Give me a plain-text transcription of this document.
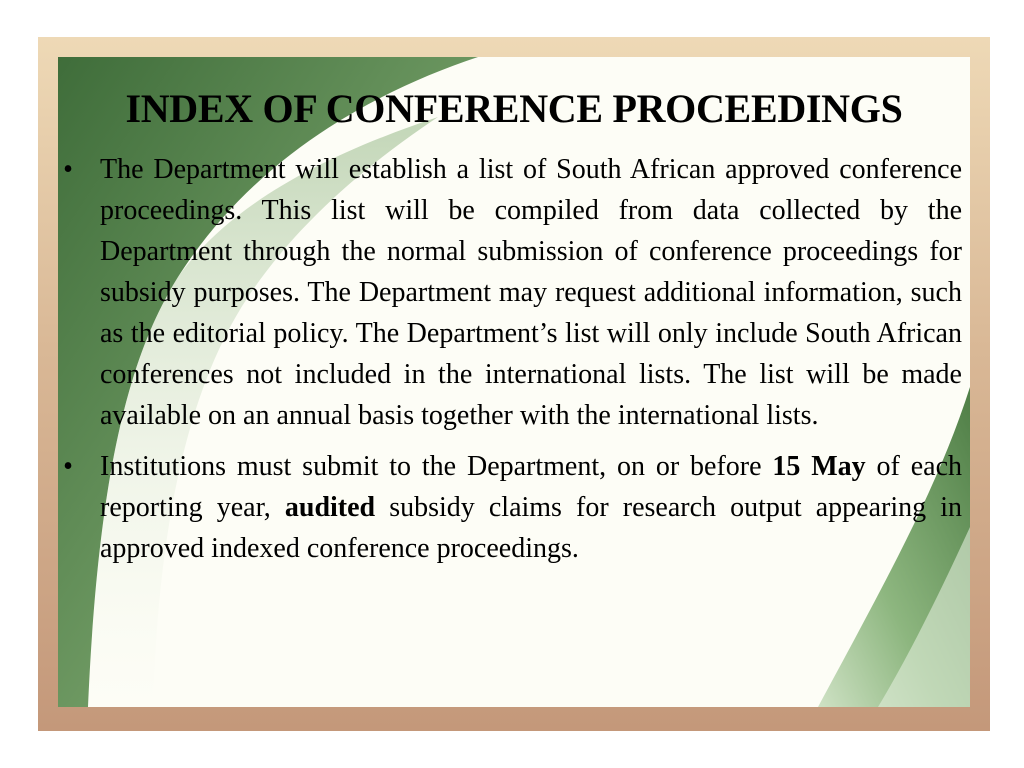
INDEX OF CONFERENCE PROCEEDINGS
• The Department will establish a list of South African approved conference proceedings. This list will be compiled from data collected by the Department through the normal submission of conference proceedings for subsidy purposes. The Department may request additional information, such as the editorial policy. The Department’s list will only include South African conferences not included in the international lists. The list will be made available on an annual basis together with the international lists.
• Institutions must submit to the Department, on or before 15 May of each reporting year, audited subsidy claims for research output appearing in approved indexed conference proceedings.
